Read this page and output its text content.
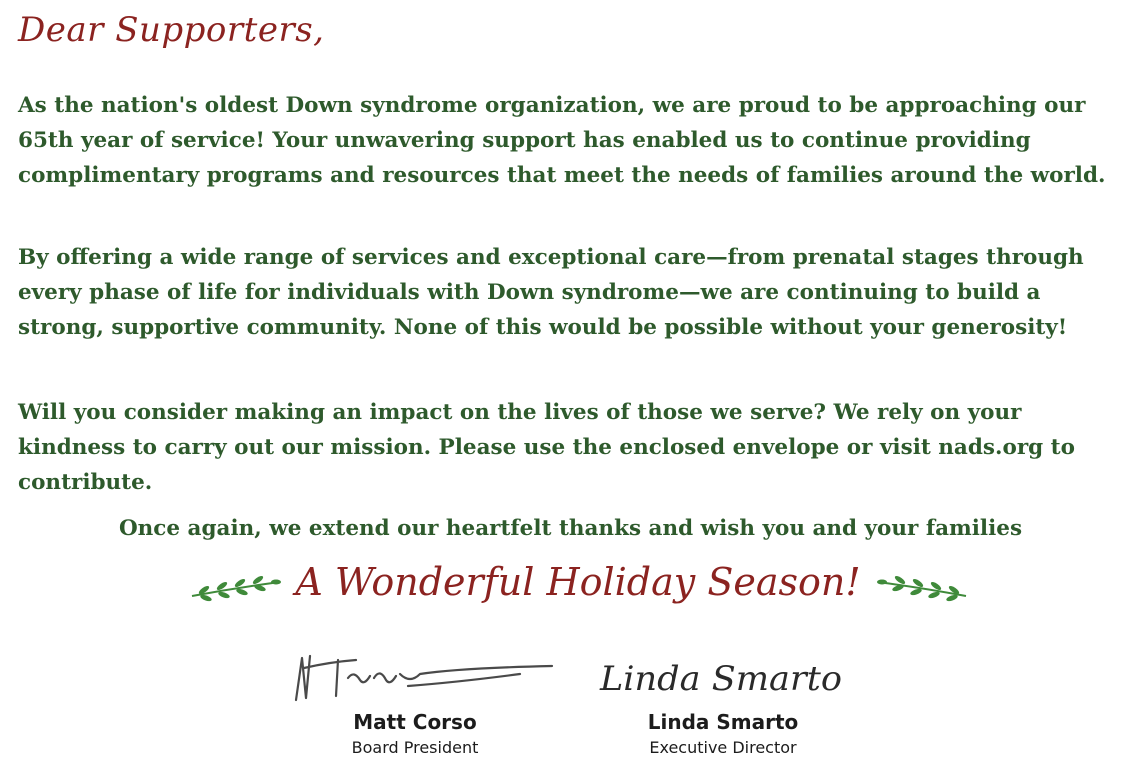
Dear Supporters,

As the nation's oldest Down syndrome organization, we are proud to be approaching our 65th year of service! Your unwavering support has enabled us to continue providing complimentary programs and resources that meet the needs of families around the world.

By offering a wide range of services and exceptional care—from prenatal stages through every phase of life for individuals with Down syndrome—we are continuing to build a strong, supportive community. None of this would be possible without your generosity!

Will you consider making an impact on the lives of those we serve? We rely on your kindness to carry out our mission. Please use the enclosed envelope or visit nads.org to contribute.

Once again, we extend our heartfelt thanks and wish you and your families
A Wonderful Holiday Season!
Matt Corso
Board President
Linda Smarto
Linda Smarto
Executive Director
